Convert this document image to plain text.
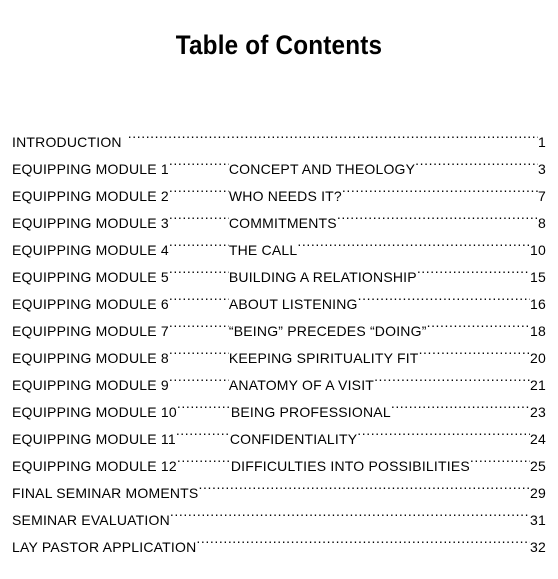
Table of Contents
INTRODUCTION .....	1
EQUIPPING MODULE 1 .....	CONCEPT AND THEOLOGY .....	3
EQUIPPING MODULE 2 .....	WHO NEEDS IT? .....	7
EQUIPPING MODULE 3 .....	COMMITMENTS .....	8
EQUIPPING MODULE 4 .....	THE CALL .....	10
EQUIPPING MODULE 5 .....	BUILDING A RELATIONSHIP .....	15
EQUIPPING MODULE 6 .....	ABOUT LISTENING .....	16
EQUIPPING MODULE 7 .....	“BEING” PRECEDES “DOING” .....	18
EQUIPPING MODULE 8 .....	KEEPING SPIRITUALITY FIT .....	20
EQUIPPING MODULE 9 .....	ANATOMY OF A VISIT .....	21
EQUIPPING MODULE 10 .....	BEING PROFESSIONAL .....	23
EQUIPPING MODULE 11 .....	CONFIDENTIALITY .....	24
EQUIPPING MODULE 12 .....	DIFFICULTIES INTO POSSIBILITIES .....	25
FINAL SEMINAR MOMENTS .....	29
SEMINAR EVALUATION .....	31
LAY PASTOR APPLICATION .....	32
